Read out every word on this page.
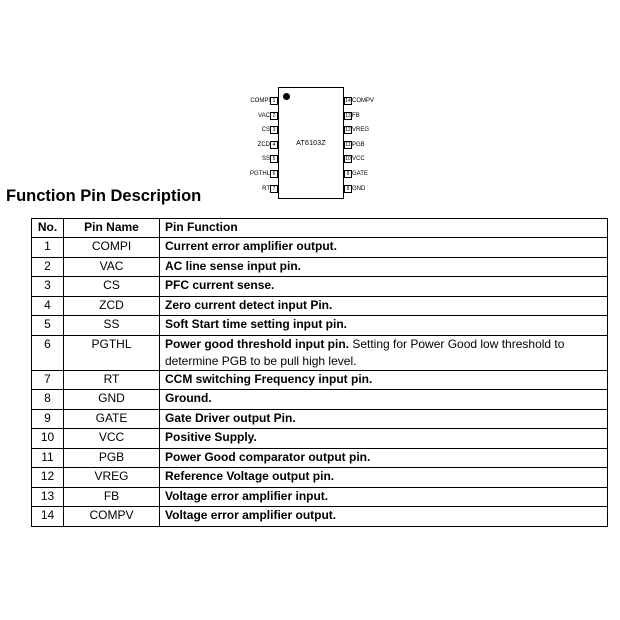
AT6103Z
COMPI 1
VAC 2
CS 3
ZCD 4
SS 5
PGTHL 6
RT 7
14COMPV
13FB
12VREG
11PGB
10VCC
9 GATE
8 GND
Function Pin Description
No.	Pin Name	Pin Function
1	COMPI	Current error amplifier output.
2	VAC	AC line sense input pin.
3	CS	PFC current sense.
4	ZCD	Zero current detect input Pin.
5	SS	Soft Start time setting input pin.
6	PGTHL	Power good threshold input pin. Setting for Power Good low threshold to determine PGB to be pull high level.
7	RT	CCM switching Frequency input pin.
8	GND	Ground.
9	GATE	Gate Driver output Pin.
10	VCC	Positive Supply.
11	PGB	Power Good comparator output pin.
12	VREG	Reference Voltage output pin.
13	FB	Voltage error amplifier input.
14	COMPV	Voltage error amplifier output.
